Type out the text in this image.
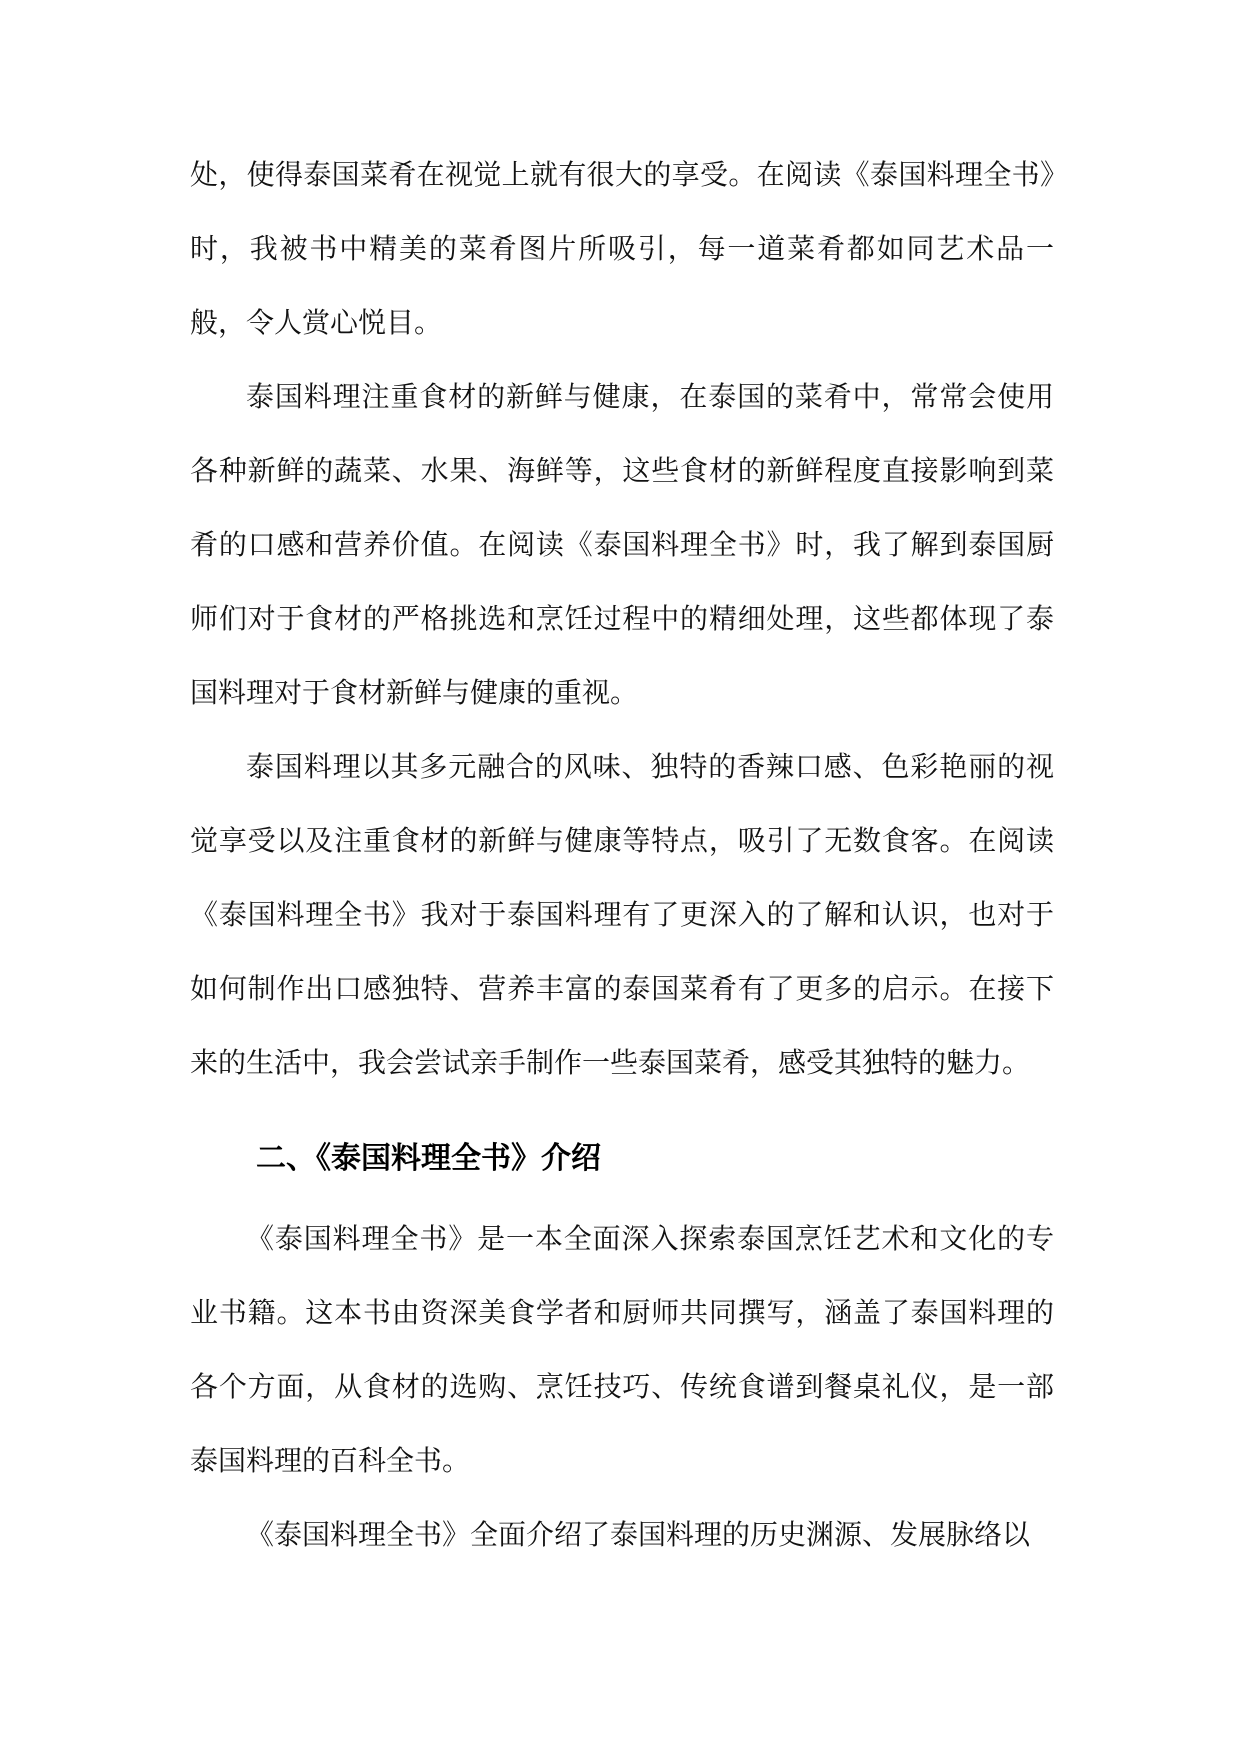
处，使得泰国菜肴在视觉上就有很大的享受。在阅读《泰国料理全书》时，我被书中精美的菜肴图片所吸引，每一道菜肴都如同艺术品一般，令人赏心悦目。

泰国料理注重食材的新鲜与健康，在泰国的菜肴中，常常会使用各种新鲜的蔬菜、水果、海鲜等，这些食材的新鲜程度直接影响到菜肴的口感和营养价值。在阅读《泰国料理全书》时，我了解到泰国厨师们对于食材的严格挑选和烹饪过程中的精细处理，这些都体现了泰国料理对于食材新鲜与健康的重视。

泰国料理以其多元融合的风味、独特的香辣口感、色彩艳丽的视觉享受以及注重食材的新鲜与健康等特点，吸引了无数食客。在阅读《泰国料理全书》我对于泰国料理有了更深入的了解和认识，也对于如何制作出口感独特、营养丰富的泰国菜肴有了更多的启示。在接下来的生活中，我会尝试亲手制作一些泰国菜肴，感受其独特的魅力。

二、《泰国料理全书》介绍

《泰国料理全书》是一本全面深入探索泰国烹饪艺术和文化的专业书籍。这本书由资深美食学者和厨师共同撰写，涵盖了泰国料理的各个方面，从食材的选购、烹饪技巧、传统食谱到餐桌礼仪，是一部泰国料理的百科全书。

《泰国料理全书》全面介绍了泰国料理的历史渊源、发展脉络以
